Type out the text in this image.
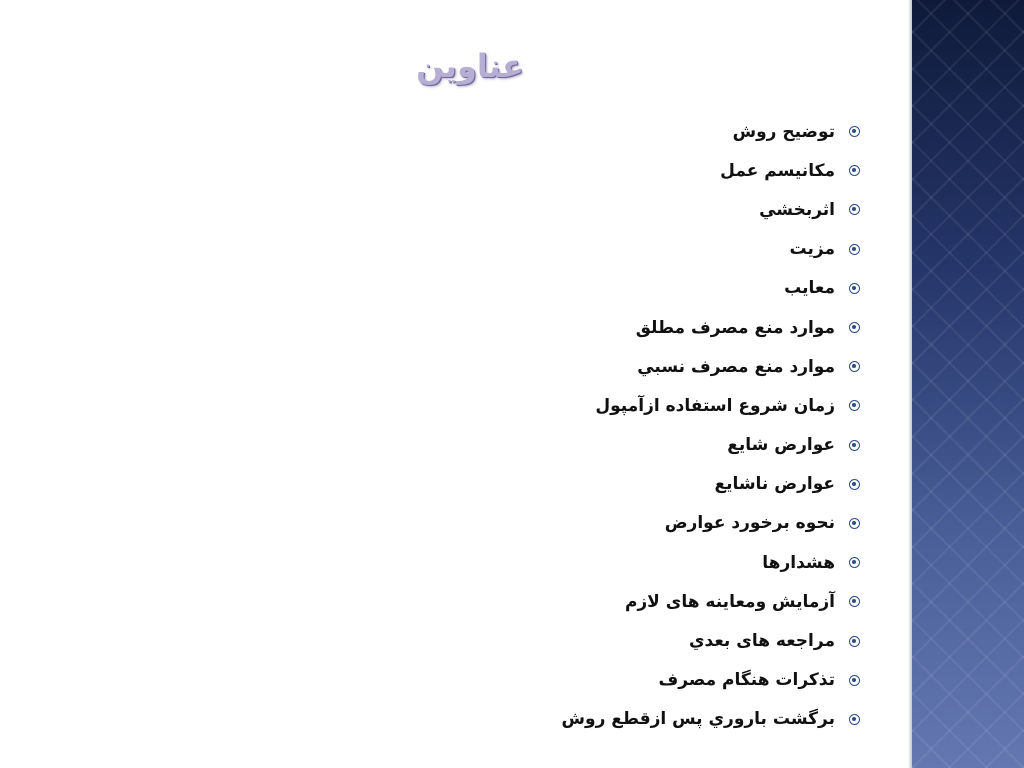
عناوین
توضیح روش
مکانیسم عمل
اثربخشي
مزیت
معایب
موارد منع مصرف مطلق
موارد منع مصرف نسبي
زمان شروع استفاده ازآمپول
عوارض شایع
عوارض ناشایع
نحوه برخورد عوارض
هشدارها
آزمایش ومعاینه های لازم
مراجعه های بعدي
تذکرات هنگام مصرف
برگشت باروري پس ازقطع روش
